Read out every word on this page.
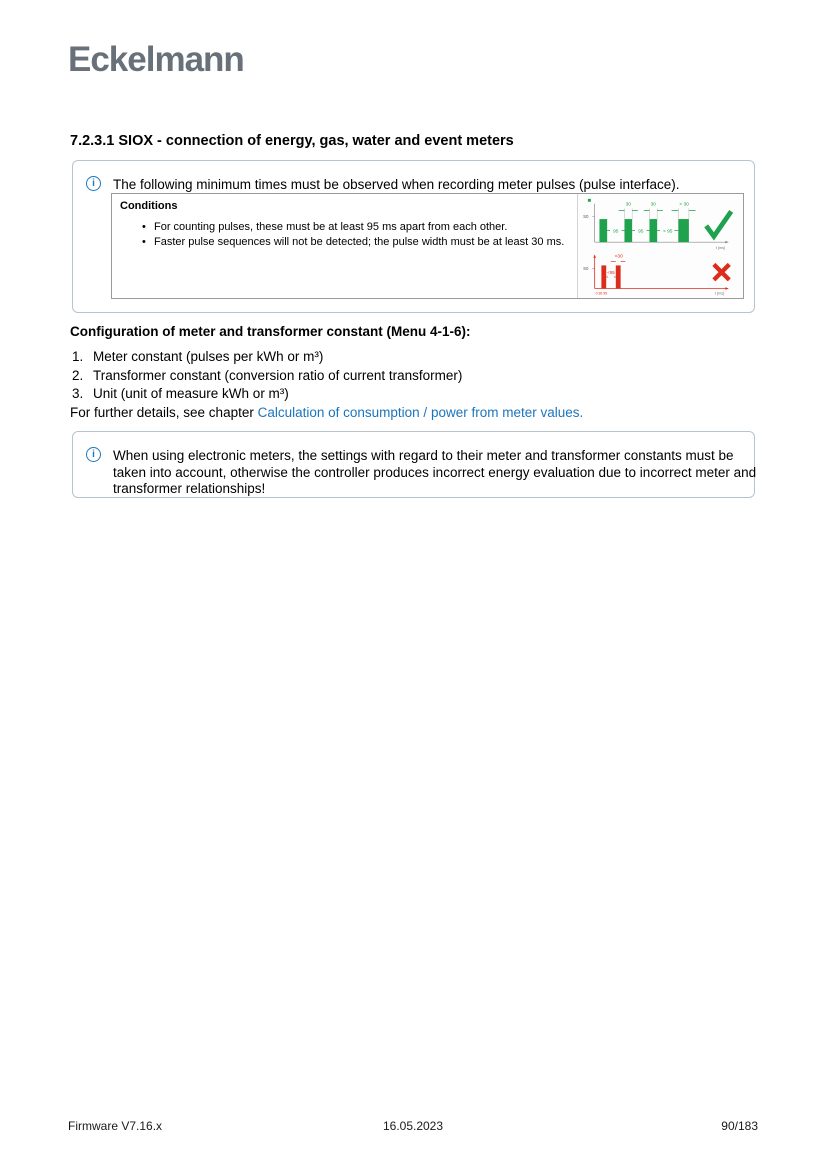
Eckelmann
7.2.3.1 SIOX - connection of energy, gas, water and event meters
i	The following minimum times must be observed when recording meter pulses (pulse interface).
Conditions
• For counting pulses, these must be at least 95 ms apart from each other.
• Faster pulse sequences will not be detected; the pulse width must be at least 30 ms.
S0
30	30	> 30
95	95	> 95
t [ms]
S0
<30
<95
0 30 95	t [ms]
Configuration of meter and transformer constant (Menu 4-1-6):
1. Meter constant (pulses per kWh or m³)
2. Transformer constant (conversion ratio of current transformer)
3. Unit (unit of measure kWh or m³)
For further details, see chapter Calculation of consumption / power from meter values.
i	When using electronic meters, the settings with regard to their meter and transformer constants must be taken into account, otherwise the controller produces incorrect energy evaluation due to incorrect meter and transformer relationships!
Firmware V7.16.x	16.05.2023	90/183
